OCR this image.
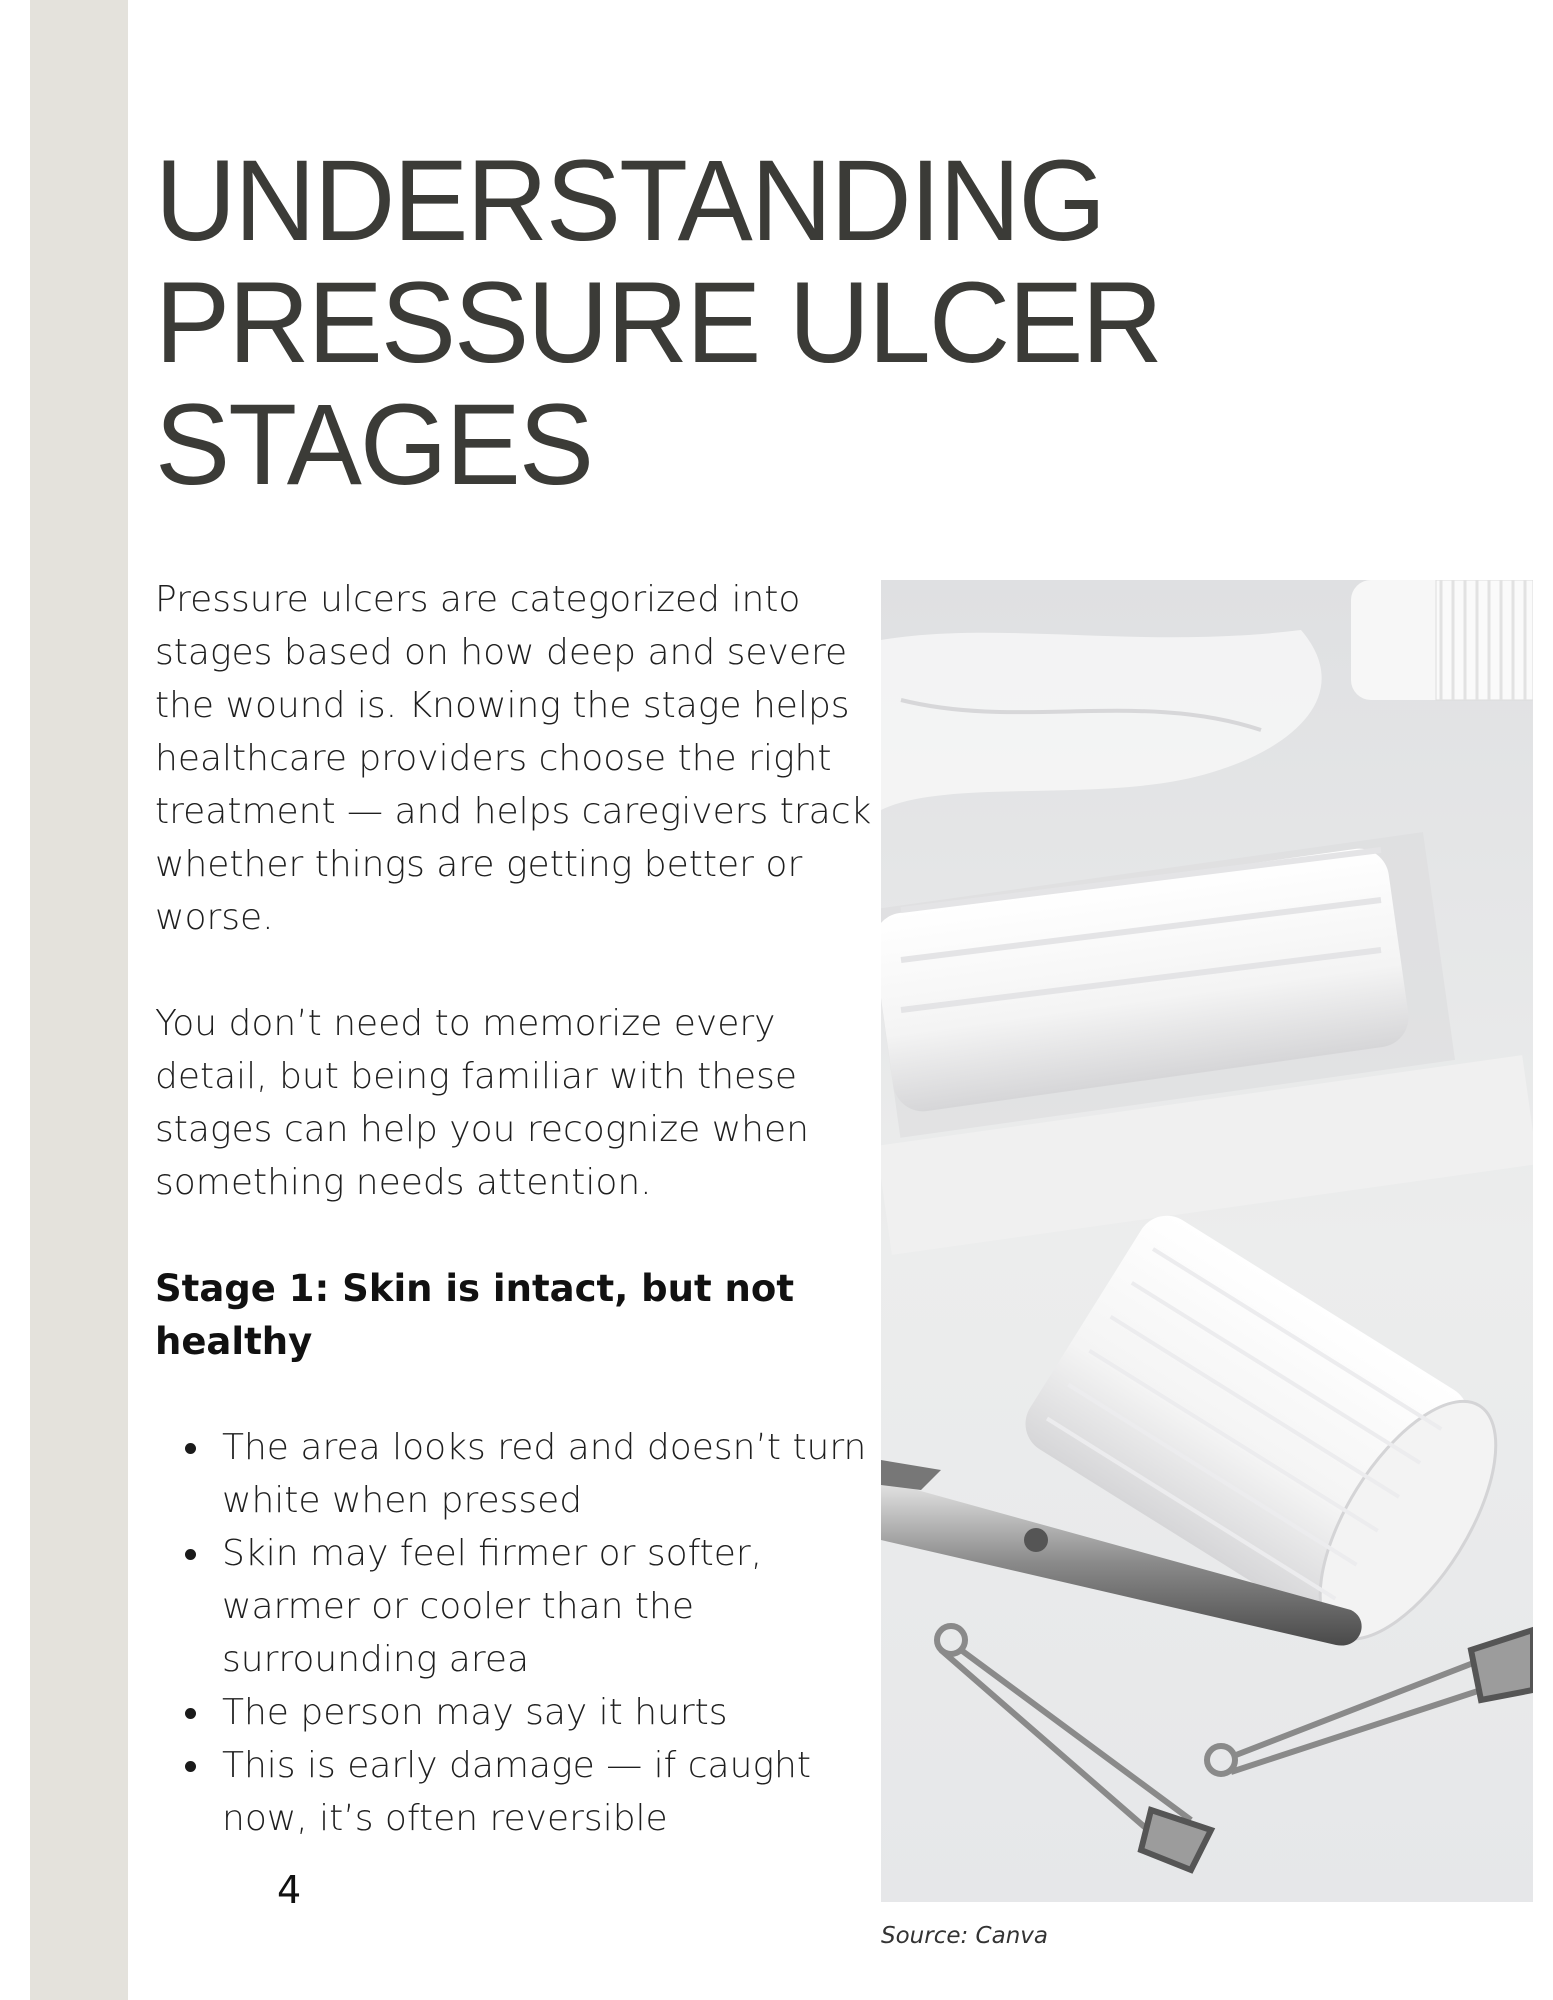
UNDERSTANDING
PRESSURE ULCER
STAGES

Pressure ulcers are categorized into stages based on how deep and severe the wound is. Knowing the stage helps healthcare providers choose the right treatment — and helps caregivers track whether things are getting better or worse.

You don’t need to memorize every detail, but being familiar with these stages can help you recognize when something needs attention.

Stage 1: Skin is intact, but not healthy
The area looks red and doesn’t turn white when pressed
Skin may feel firmer or softer, warmer or cooler than the surrounding area
The person may say it hurts
This is early damage — if caught now, it’s often reversible
4
Source: Canva
